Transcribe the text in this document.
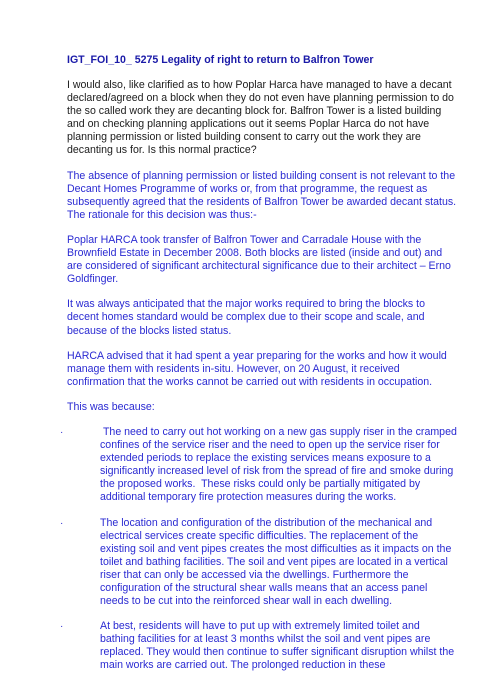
IGT_FOI_10_ 5275 Legality of right to return to Balfron Tower
I would also, like clarified as to how Poplar Harca have managed to have a decant declared/agreed on a block when they do not even have planning permission to do the so called work they are decanting block for. Balfron Tower is a listed building and on checking planning applications out it seems Poplar Harca do not have planning permission or listed building consent to carry out the work they are decanting us for. Is this normal practice?
The absence of planning permission or listed building consent is not relevant to the Decant Homes Programme of works or, from that programme, the request as subsequently agreed that the residents of Balfron Tower be awarded decant status. The rationale for this decision was thus:-
Poplar HARCA took transfer of Balfron Tower and Carradale House with the Brownfield Estate in December 2008. Both blocks are listed (inside and out) and are considered of significant architectural significance due to their architect – Erno Goldfinger.
It was always anticipated that the major works required to bring the blocks to decent homes standard would be complex due to their scope and scale, and because of the blocks listed status.
HARCA advised that it had spent a year preparing for the works and how it would manage them with residents in-situ. However, on 20 August, it received confirmation that the works cannot be carried out with residents in occupation.
This was because:
·	The need to carry out hot working on a new gas supply riser in the cramped confines of the service riser and the need to open up the service riser for extended periods to replace the existing services means exposure to a significantly increased level of risk from the spread of fire and smoke during the proposed works.  These risks could only be partially mitigated by additional temporary fire protection measures during the works.
·	The location and configuration of the distribution of the mechanical and electrical services create specific difficulties. The replacement of the existing soil and vent pipes creates the most difficulties as it impacts on the toilet and bathing facilities. The soil and vent pipes are located in a vertical riser that can only be accessed via the dwellings. Furthermore the configuration of the structural shear walls means that an access panel needs to be cut into the reinforced shear wall in each dwelling.
·	At best, residents will have to put up with extremely limited toilet and bathing facilities for at least 3 months whilst the soil and vent pipes are replaced. They would then continue to suffer significant disruption whilst the main works are carried out. The prolonged reduction in these
